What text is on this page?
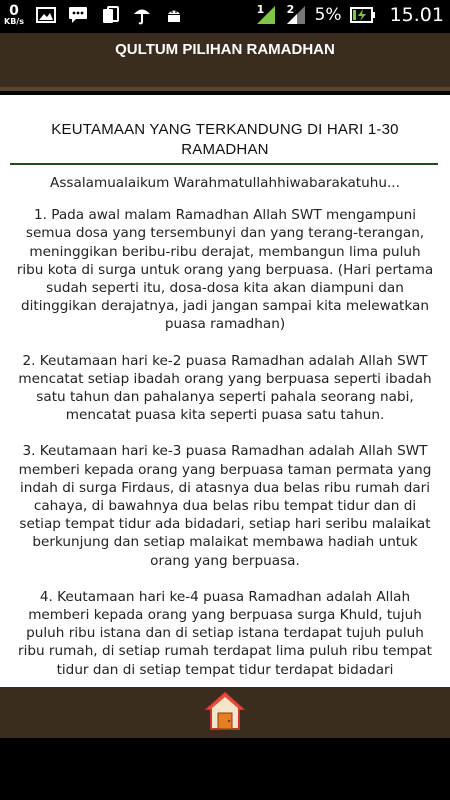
0
KB/s
1 2 5%	15.01
QULTUM PILIHAN RAMADHAN
KEUTAMAAN YANG TERKANDUNG DI HARI 1-30 RAMADHAN

Assalamualaikum Warahmatullahhiwabarakatuhu...

1. Pada awal malam Ramadhan Allah SWT mengampuni semua dosa yang tersembunyi dan yang terang-terangan, meninggikan beribu-ribu derajat, membangun lima puluh ribu kota di surga untuk orang yang berpuasa. (Hari pertama sudah seperti itu, dosa-dosa kita akan diampuni dan ditinggikan derajatnya, jadi jangan sampai kita melewatkan puasa ramadhan)

2. Keutamaan hari ke-2 puasa Ramadhan adalah Allah SWT mencatat setiap ibadah orang yang berpuasa seperti ibadah satu tahun dan pahalanya seperti pahala seorang nabi, mencatat puasa kita seperti puasa satu tahun.

3. Keutamaan hari ke-3 puasa Ramadhan adalah Allah SWT memberi kepada orang yang berpuasa taman permata yang indah di surga Firdaus, di atasnya dua belas ribu rumah dari cahaya, di bawahnya dua belas ribu tempat tidur dan di setiap tempat tidur ada bidadari, setiap hari seribu malaikat berkunjung dan setiap malaikat membawa hadiah untuk orang yang berpuasa.

4. Keutamaan hari ke-4 puasa Ramadhan adalah Allah memberi kepada orang yang berpuasa surga Khuld, tujuh puluh ribu istana dan di setiap istana terdapat tujuh puluh ribu rumah, di setiap rumah terdapat lima puluh ribu tempat tidur dan di setiap tempat tidur terdapat bidadari
